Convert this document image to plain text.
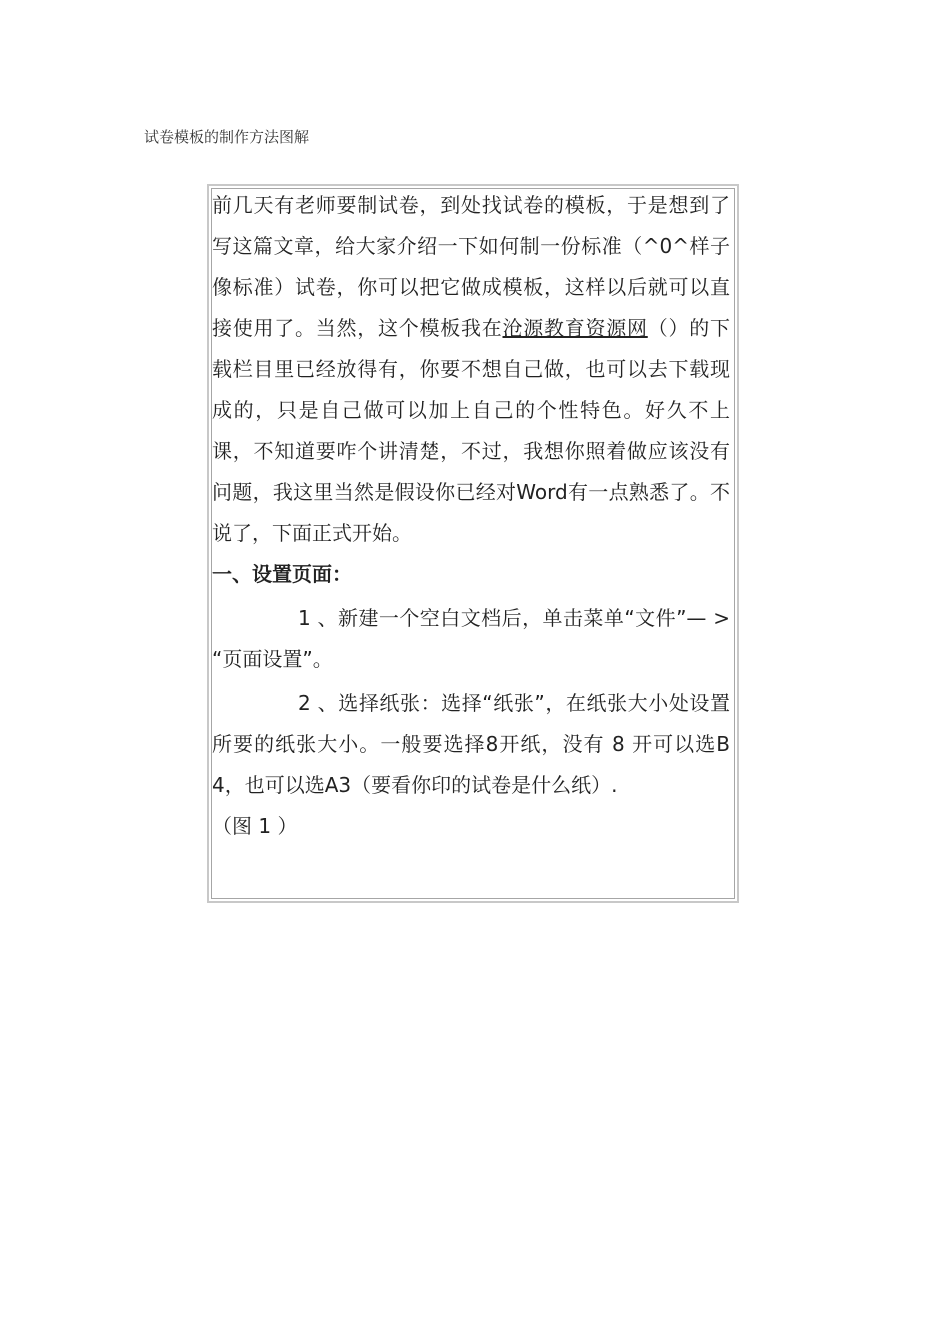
试卷模板的制作方法图解

前几天有老师要制试卷，到处找试卷的模板，于是想到了写这篇文章，给大家介绍一下如何制一份标准（^0^样子像标准）试卷，你可以把它做成模板，这样以后就可以直接使用了。当然，这个模板我在沧源教育资源网（）的下载栏目里已经放得有，你要不想自己做，也可以去下载现成的，只是自己做可以加上自己的个性特色。好久不上课，不知道要咋个讲清楚，不过，我想你照着做应该没有问题，我这里当然是假设你已经对Word有一点熟悉了。不说了，下面正式开始。

一、设置页面：

1 、新建一个空白文档后，单击菜单“文件”— > “页面设置”。

2 、选择纸张：选择“纸张”，在纸张大小处设置所要的纸张大小。一般要选择8开纸，没有 8 开可以选B4，也可以选A3（要看你印的试卷是什么纸）.

（图 1 ）
